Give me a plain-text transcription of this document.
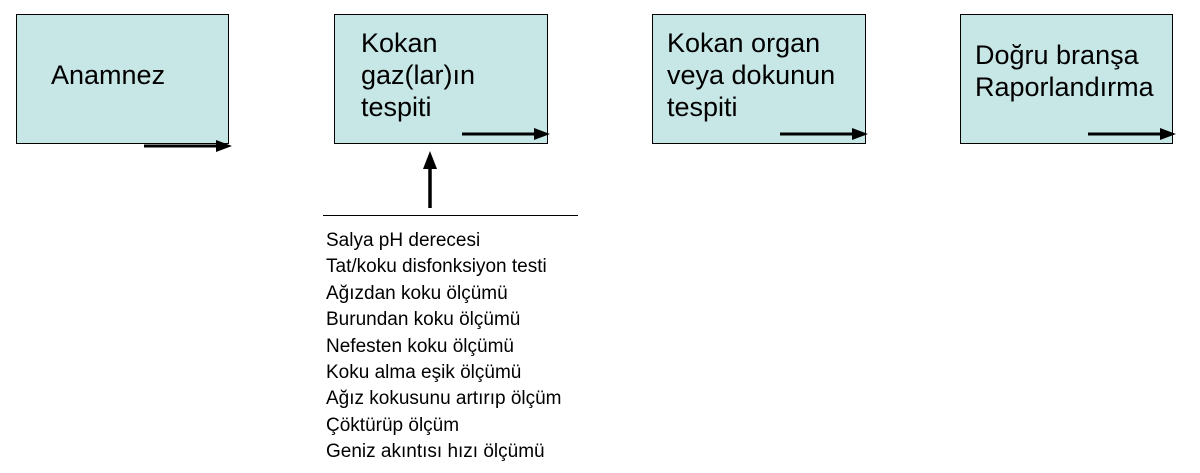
Anamnez

Kokan
gaz(lar)ın
tespiti

Kokan organ
veya dokunun
tespiti

Doğru branşa
Raporlandırma

Salya pH derecesi
Tat/koku disfonksiyon testi
Ağızdan koku ölçümü
Burundan koku ölçümü
Nefesten koku ölçümü
Koku alma eşik ölçümü
Ağız kokusunu artırıp ölçüm
Çöktürüp ölçüm
Geniz akıntısı hızı ölçümü
